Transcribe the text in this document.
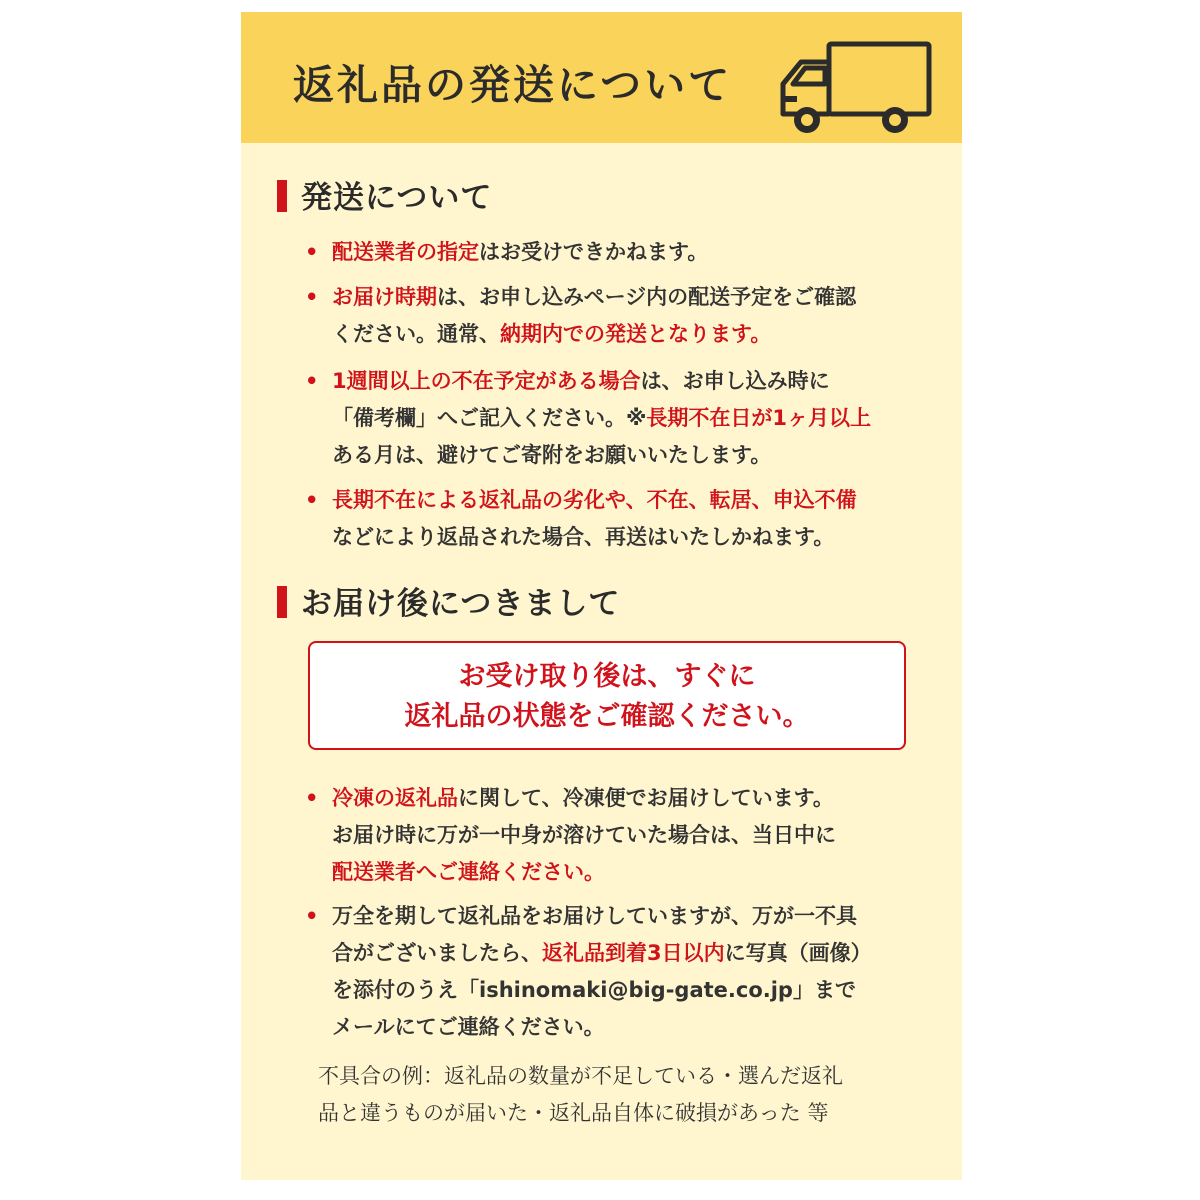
返礼品の発送について
発送について
お届け後につきまして
お受け取り後は、すぐに
返礼品の状態をご確認ください。
不具合の例：返礼品の数量が不足している・選んだ返礼
品と違うものが届いた・返礼品自体に破損があった 等
• 配送業者の指定はお受けできかねます。
• お届け時期は、お申し込みページ内の配送予定をご確認
ください。通常、納期内での発送となります。
• 1週間以上の不在予定がある場合は、お申し込み時に
「備考欄」へご記入ください。※長期不在日が1ヶ月以上
ある月は、避けてご寄附をお願いいたします。
• 長期不在による返礼品の劣化や、不在、転居、申込不備
などにより返品された場合、再送はいたしかねます。
• 冷凍の返礼品に関して、冷凍便でお届けしています。
お届け時に万が一中身が溶けていた場合は、当日中に
配送業者へご連絡ください。
• 万全を期して返礼品をお届けしていますが、万が一不具
合がございましたら、返礼品到着3日以内に写真（画像）
を添付のうえ「ishinomaki@big-gate.co.jp」まで
メールにてご連絡ください。
